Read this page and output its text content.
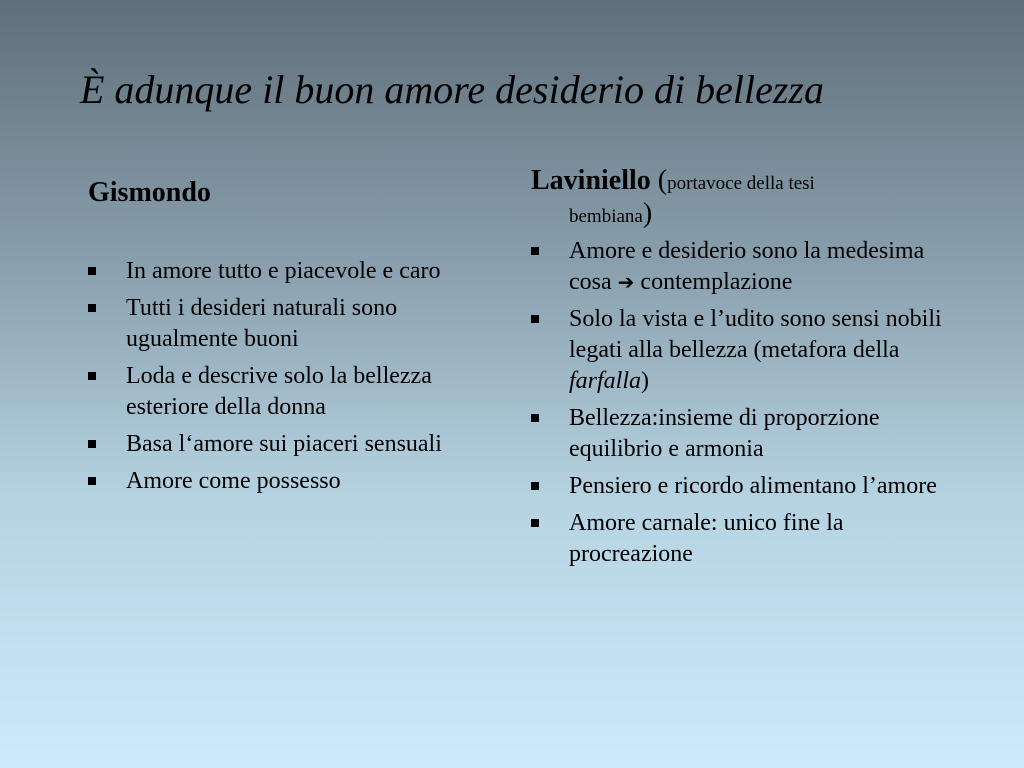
È adunque il buon amore desiderio di bellezza
Gismondo
In amore tutto e piacevole e caro
Tutti i desideri naturali sono ugualmente buoni
Loda e descrive solo la bellezza esteriore della donna
Basa l‘amore sui piaceri sensuali
Amore come possesso
Laviniello (portavoce della tesi
bembiana)
Amore e desiderio sono la medesima cosa ➔ contemplazione
Solo la vista e l’udito sono sensi nobili legati alla bellezza (metafora della farfalla)
Bellezza:insieme di proporzione equilibrio e armonia
Pensiero e ricordo alimentano l’amore
Amore carnale: unico fine la procreazione
